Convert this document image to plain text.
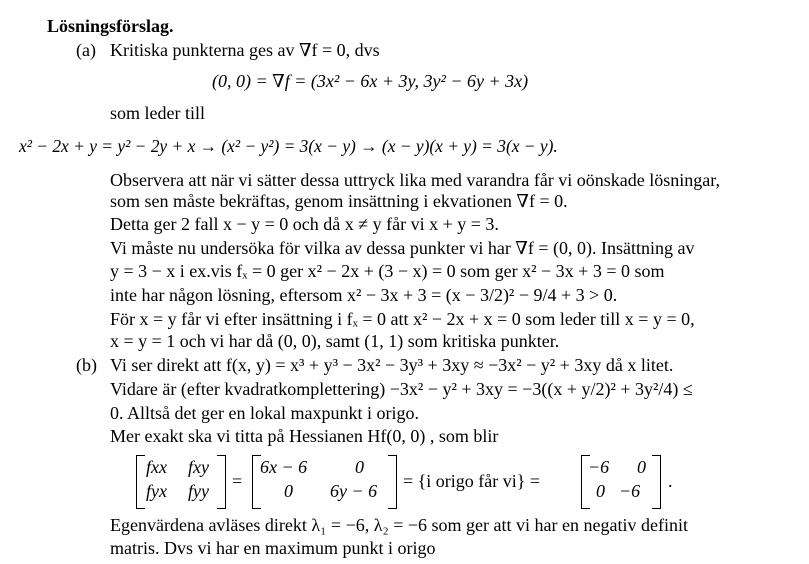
Lösningsförslag.
(a) Kritiska punkterna ges av ∇f = 0, dvs
(0, 0) = ∇f = (3x² − 6x + 3y, 3y² − 6y + 3x)
som leder till
x² − 2x + y = y² − 2y + x → (x² − y²) = 3(x − y) → (x − y)(x + y) = 3(x − y).
Observera att när vi sätter dessa uttryck lika med varandra får vi oönskade lösningar,
som sen måste bekräftas, genom insättning i ekvationen ∇f = 0.
Detta ger 2 fall x − y = 0 och då x ≠ y får vi x + y = 3.
Vi måste nu undersöka för vilka av dessa punkter vi har ∇f = (0, 0). Insättning av
y = 3 − x i ex.vis fₓ = 0 ger x² − 2x + (3 − x) = 0 som ger x² − 3x + 3 = 0 som
inte har någon lösning, eftersom x² − 3x + 3 = (x − 3/2)² − 9/4 + 3 > 0.
För x = y får vi efter insättning i fₓ = 0 att x² − 2x + x = 0 som leder till x = y = 0,
x = y = 1 och vi har då (0, 0), samt (1, 1) som kritiska punkter.
(b) Vi ser direkt att f(x, y) = x³ + y³ − 3x² − 3y³ + 3xy ≈ −3x² − y² + 3xy då x litet.
Vidare är (efter kvadratkomplettering) −3x² − y² + 3xy = −3((x + y/2)² + 3y²/4) ≤
0. Alltså det ger en lokal maxpunkt i origo.
Mer exakt ska vi titta på Hessianen Hf(0, 0) , som blir
fxx fxy
fyx fyy =
6x − 6	0
0 6y − 6 = {i origo får vi} =
−6 0
0 −6 .
Egenvärdena avläses direkt λ₁ = −6, λ₂ = −6 som ger att vi har en negativ definit
matris. Dvs vi har en maximum punkt i origo
